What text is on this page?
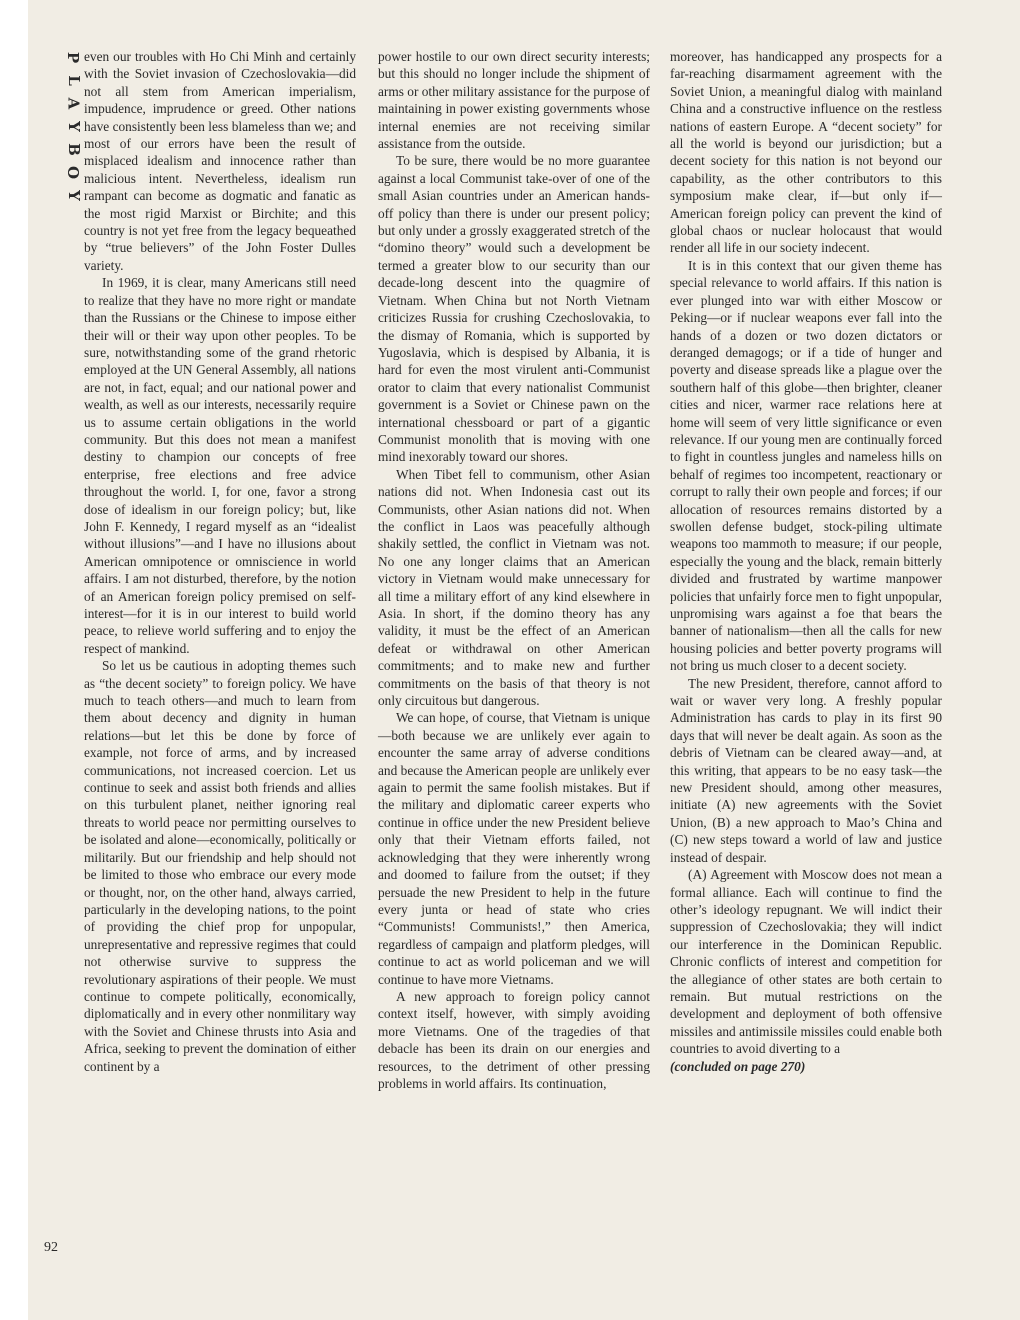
P
L
A
Y
B
O
Y
92

even our troubles with Ho Chi Minh and certainly with the Soviet invasion of Czechoslovakia—did not all stem from American imperialism, impudence, imprudence or greed. Other nations have consistently been less blameless than we; and most of our errors have been the result of misplaced idealism and innocence rather than malicious intent. Nevertheless, idealism run rampant can become as dogmatic and fanatic as the most rigid Marxist or Birchite; and this country is not yet free from the legacy bequeathed by “true believers” of the John Foster Dulles variety.

In 1969, it is clear, many Americans still need to realize that they have no more right or mandate than the Russians or the Chinese to impose either their will or their way upon other peoples. To be sure, notwithstanding some of the grand rhetoric employed at the UN General Assembly, all nations are not, in fact, equal; and our national power and wealth, as well as our interests, necessarily require us to assume certain obligations in the world community. But this does not mean a manifest destiny to champion our concepts of free enterprise, free elections and free advice throughout the world. I, for one, favor a strong dose of idealism in our foreign policy; but, like John F. Kennedy, I regard myself as an “idealist without illusions”—and I have no illusions about American omnipotence or omniscience in world affairs. I am not disturbed, therefore, by the notion of an American foreign policy premised on self-interest—for it is in our interest to build world peace, to relieve world suffering and to enjoy the respect of mankind.

So let us be cautious in adopting themes such as “the decent society” to foreign policy. We have much to teach others—and much to learn from them about decency and dignity in human relations—but let this be done by force of example, not force of arms, and by increased communications, not increased coercion. Let us continue to seek and assist both friends and allies on this turbulent planet, neither ignoring real threats to world peace nor permitting ourselves to be isolated and alone—economically, politically or militarily. But our friendship and help should not be limited to those who embrace our every mode or thought, nor, on the other hand, always carried, particularly in the developing nations, to the point of providing the chief prop for unpopular, unrepresentative and repressive regimes that could not otherwise survive to suppress the revolutionary aspirations of their people. We must continue to compete politically, economically, diplomatically and in every other nonmilitary way with the Soviet and Chinese thrusts into Asia and Africa, seeking to prevent the domination of either continent by a

power hostile to our own direct security interests; but this should no longer include the shipment of arms or other military assistance for the purpose of maintaining in power existing governments whose internal enemies are not receiving similar assistance from the outside.

To be sure, there would be no more guarantee against a local Communist take-over of one of the small Asian countries under an American hands-off policy than there is under our present policy; but only under a grossly exaggerated stretch of the “domino theory” would such a development be termed a greater blow to our security than our decade-long descent into the quagmire of Vietnam. When China but not North Vietnam criticizes Russia for crushing Czechoslovakia, to the dismay of Romania, which is supported by Yugoslavia, which is despised by Albania, it is hard for even the most virulent anti-Communist orator to claim that every nationalist Communist government is a Soviet or Chinese pawn on the international chessboard or part of a gigantic Communist monolith that is moving with one mind inexorably toward our shores.

When Tibet fell to communism, other Asian nations did not. When Indonesia cast out its Communists, other Asian nations did not. When the conflict in Laos was peacefully although shakily settled, the conflict in Vietnam was not. No one any longer claims that an American victory in Vietnam would make unnecessary for all time a military effort of any kind elsewhere in Asia. In short, if the domino theory has any validity, it must be the effect of an American defeat or withdrawal on other American commitments; and to make new and further commitments on the basis of that theory is not only circuitous but dangerous.

We can hope, of course, that Vietnam is unique—both because we are unlikely ever again to encounter the same array of adverse conditions and because the American people are unlikely ever again to permit the same foolish mistakes. But if the military and diplomatic career experts who continue in office under the new President believe only that their Vietnam efforts failed, not acknowledging that they were inherently wrong and doomed to failure from the outset; if they persuade the new President to help in the future every junta or head of state who cries “Communists! Communists!,” then America, regardless of campaign and platform pledges, will continue to act as world policeman and we will continue to have more Vietnams.

A new approach to foreign policy cannot context itself, however, with simply avoiding more Vietnams. One of the tragedies of that debacle has been its drain on our energies and resources, to the detriment of other pressing problems in world affairs. Its continuation,

moreover, has handicapped any prospects for a far-reaching disarmament agreement with the Soviet Union, a meaningful dialog with mainland China and a constructive influence on the restless nations of eastern Europe. A “decent society” for all the world is beyond our jurisdiction; but a decent society for this nation is not beyond our capability, as the other contributors to this symposium make clear, if—but only if—American foreign policy can prevent the kind of global chaos or nuclear holocaust that would render all life in our society indecent.

It is in this context that our given theme has special relevance to world affairs. If this nation is ever plunged into war with either Moscow or Peking—or if nuclear weapons ever fall into the hands of a dozen or two dozen dictators or deranged demagogs; or if a tide of hunger and poverty and disease spreads like a plague over the southern half of this globe—then brighter, cleaner cities and nicer, warmer race relations here at home will seem of very little significance or even relevance. If our young men are continually forced to fight in countless jungles and nameless hills on behalf of regimes too incompetent, reactionary or corrupt to rally their own people and forces; if our allocation of resources remains distorted by a swollen defense budget, stock-piling ultimate weapons too mammoth to measure; if our people, especially the young and the black, remain bitterly divided and frustrated by wartime manpower policies that unfairly force men to fight unpopular, unpromising wars against a foe that bears the banner of nationalism—then all the calls for new housing policies and better poverty programs will not bring us much closer to a decent society.

The new President, therefore, cannot afford to wait or waver very long. A freshly popular Administration has cards to play in its first 90 days that will never be dealt again. As soon as the debris of Vietnam can be cleared away—and, at this writing, that appears to be no easy task—the new President should, among other measures, initiate (A) new agreements with the Soviet Union, (B) a new approach to Mao’s China and (C) new steps toward a world of law and justice instead of despair.

(A) Agreement with Moscow does not mean a formal alliance. Each will continue to find the other’s ideology repugnant. We will indict their suppression of Czechoslovakia; they will indict our interference in the Dominican Republic. Chronic conflicts of interest and competition for the allegiance of other states are both certain to remain. But mutual restrictions on the development and deployment of both offensive missiles and antimissile missiles could enable both countries to avoid diverting to a

(concluded on page 270)
